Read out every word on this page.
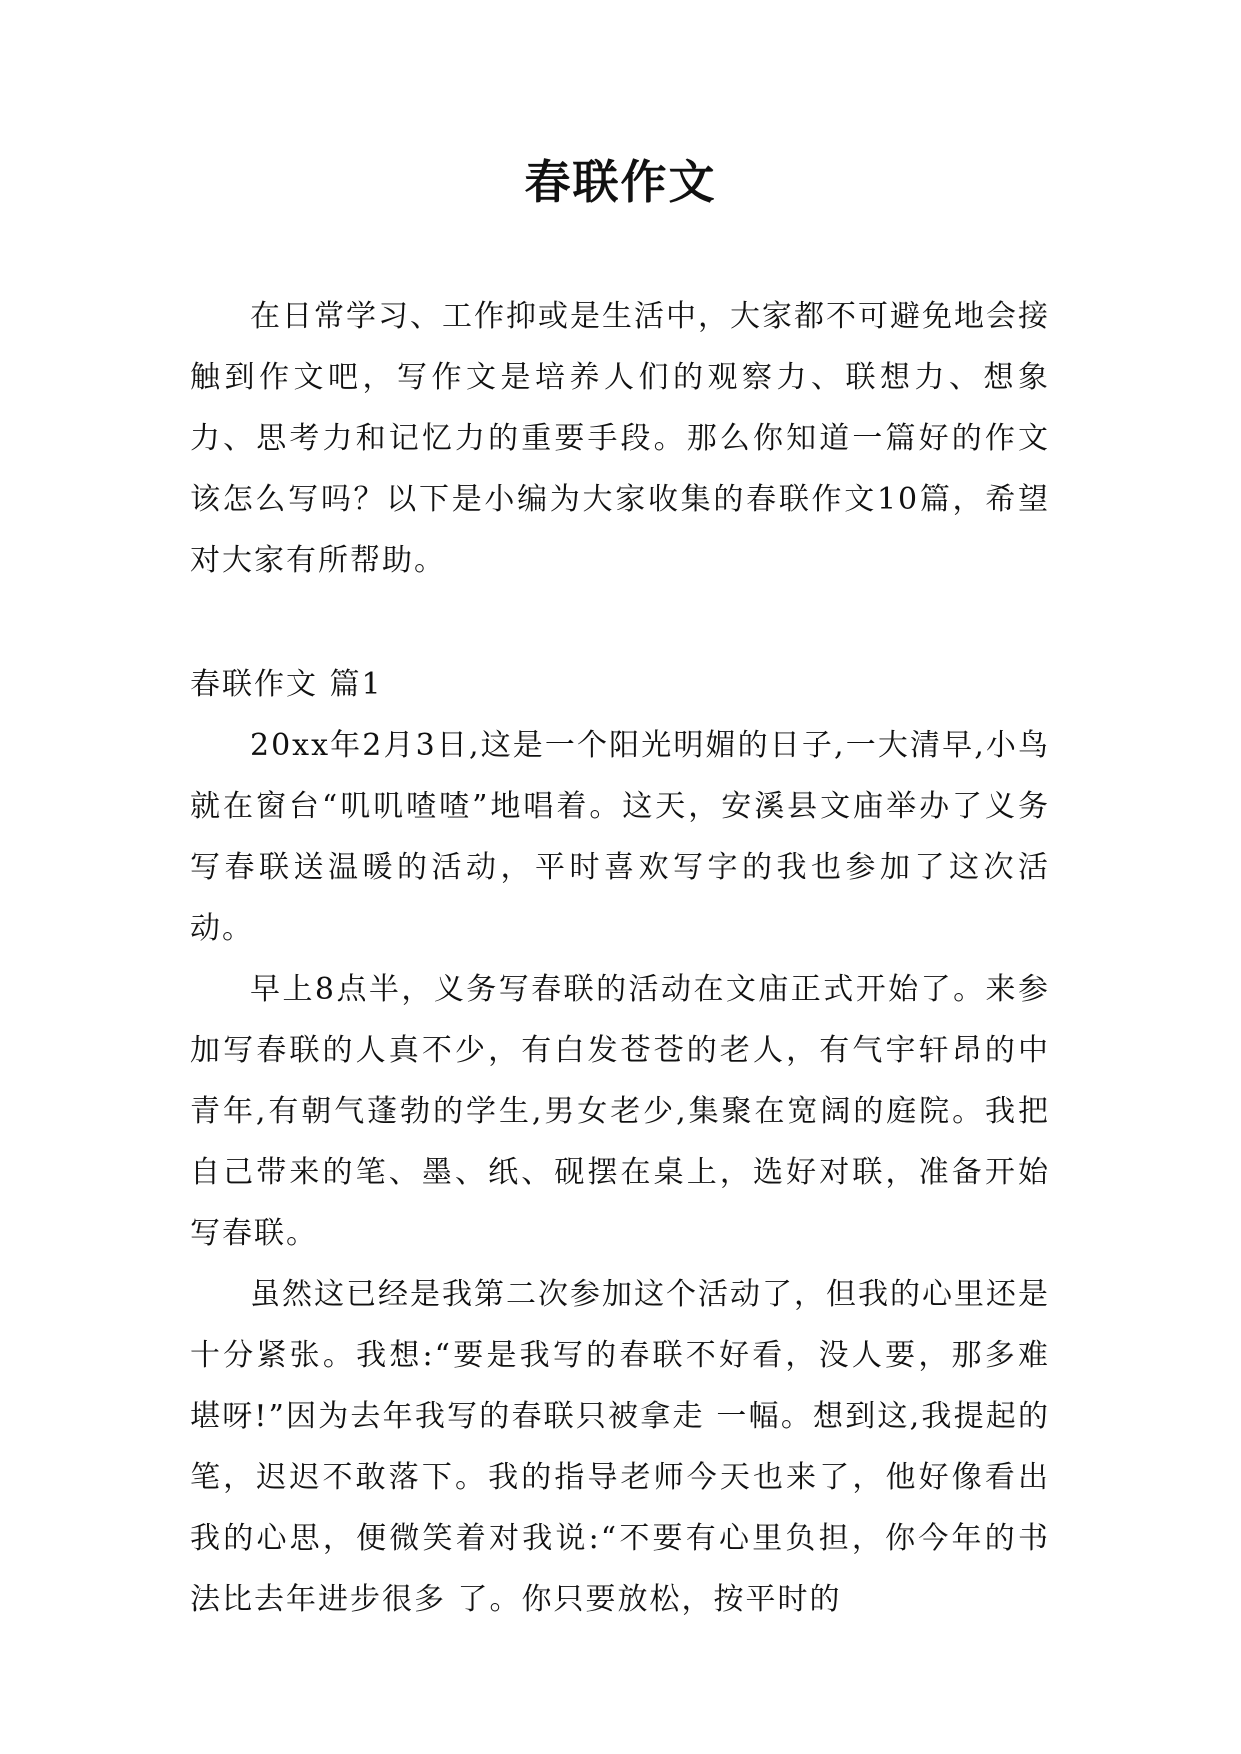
春联作文

在日常学习、工作抑或是生活中，大家都不可避免地会接触到作文吧，写作文是培养人们的观察力、联想力、想象力、思考力和记忆力的重要手段。那么你知道一篇好的作文该怎么写吗？以下是小编为大家收集的春联作文10篇，希望对大家有所帮助。

春联作文 篇1

20xx年2月3日,这是一个阳光明媚的日子,一大清早,小鸟就在窗台“叽叽喳喳”地唱着。这天，安溪县文庙举办了义务写春联送温暖的活动，平时喜欢写字的我也参加了这次活动。

早上8点半，义务写春联的活动在文庙正式开始了。来参加写春联的人真不少，有白发苍苍的老人，有气宇轩昂的中青年,有朝气蓬勃的学生,男女老少,集聚在宽阔的庭院。我把自己带来的笔、墨、纸、砚摆在桌上，选好对联，准备开始写春联。

虽然这已经是我第二次参加这个活动了，但我的心里还是十分紧张。我想:“要是我写的春联不好看，没人要，那多难堪呀!”因为去年我写的春联只被拿走 一幅。想到这,我提起的笔，迟迟不敢落下。我的指导老师今天也来了，他好像看出我的心思，便微笑着对我说:“不要有心里负担，你今年的书法比去年进步很多 了。你只要放松，按平时的
